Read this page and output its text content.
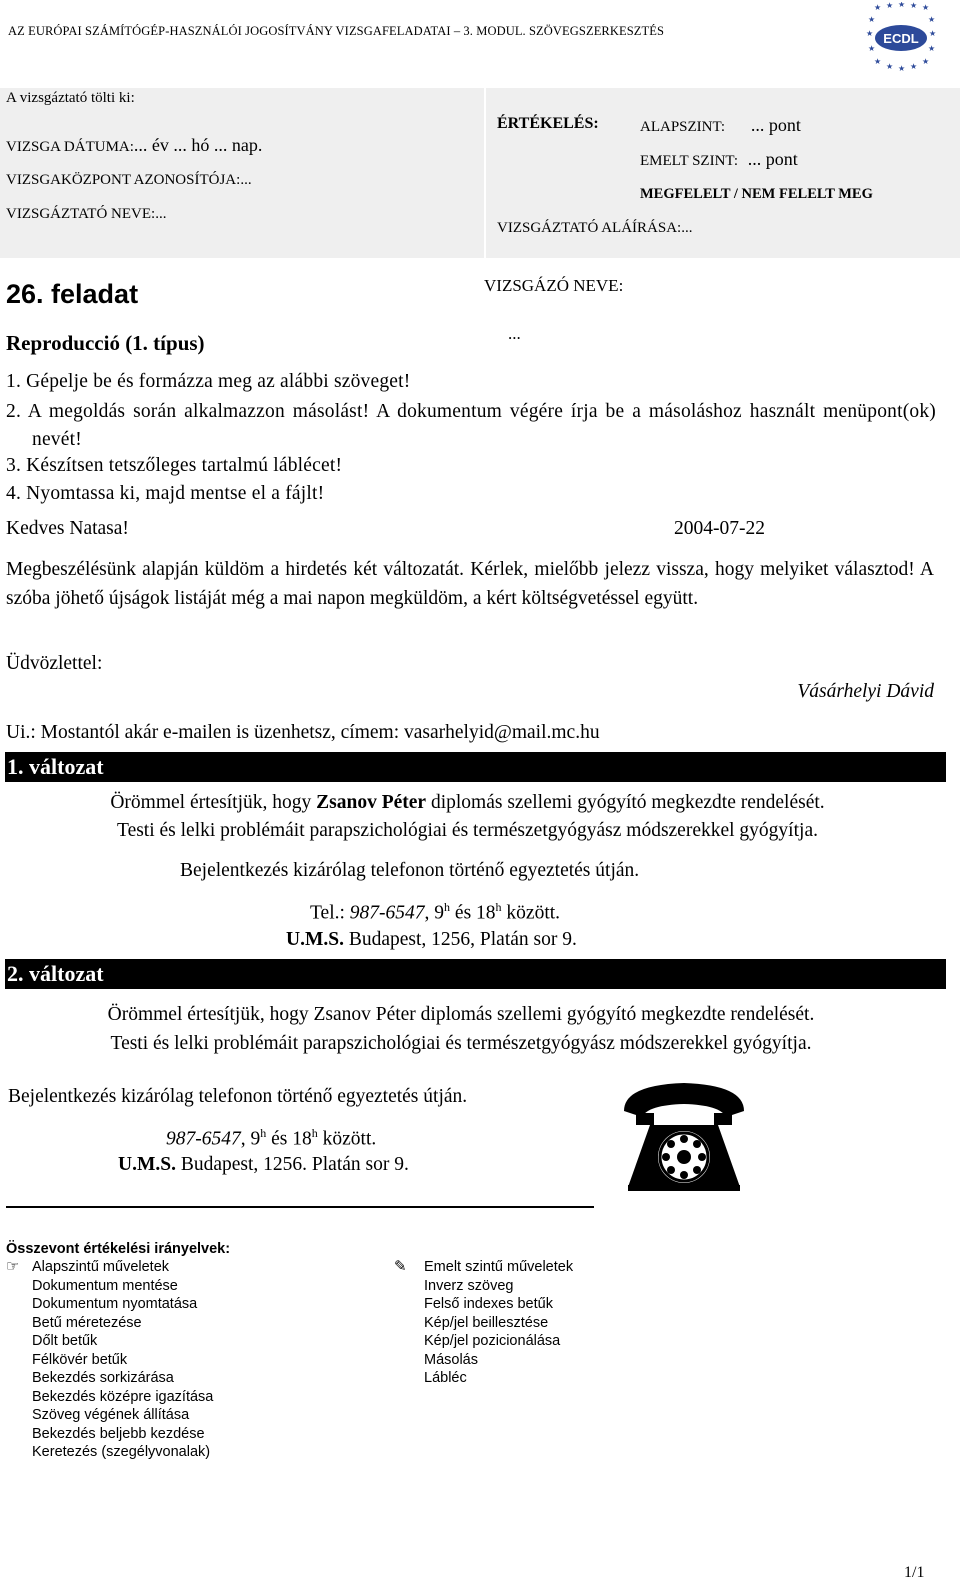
AZ EURÓPAI SZÁMÍTÓGÉP-HASZNÁLÓI JOGOSÍTVÁNY VIZSGAFELADATAI – 3. MODUL. SZÖVEGSZERKESZTÉS
★ ★ ★ ★ ★
★	★
★	★
★	★
★
★ ★ ★
★
ECDL
A vizsgáztató tölti ki:
VIZSGA DÁTUMA:... év ... hó ... nap.
VIZSGAKÖZPONT AZONOSÍTÓJA:...
VIZSGÁZTATÓ NEVE:...
ÉRTÉKELÉS:	ALAPSZINT: ... pont
EMELT SZINT: ... pont
MEGFELELT / NEM FELELT MEG
VIZSGÁZTATÓ ALÁÍRÁSA:...
26. feladat
Reproducció (1. típus)
VIZSGÁZÓ NEVE:
...
1. Gépelje be és formázza meg az alábbi szöveget!
2. A megoldás során alkalmazzon másolást! A dokumentum végére írja be a másoláshoz használt menüpont(ok) nevét!
3. Készítsen tetszőleges tartalmú láblécet!
4. Nyomtassa ki, majd mentse el a fájlt!
Kedves Natasa!	2004-07-22
Megbeszélésünk alapján küldöm a hirdetés két változatát. Kérlek, mielőbb jelezz vissza, hogy melyiket választod! A szóba jöhető újságok listáját még a mai napon megküldöm, a kért költségvetéssel együtt.
Üdvözlettel:
Vásárhelyi Dávid
Ui.: Mostantól akár e-mailen is üzenhetsz, címem: vasarhelyid@mail.mc.hu
1. változat
Örömmel értesítjük, hogy Zsanov Péter diplomás szellemi gyógyító megkezdte rendelését.
Testi és lelki problémáit parapszichológiai és természetgyógyász módszerekkel gyógyítja.
Bejelentkezés kizárólag telefonon történő egyeztetés útján.
Tel.: 987-6547, 9$^h$ és 18$^h$ között.
U.M.S. Budapest, 1256, Platán sor 9.
2. változat
Örömmel értesítjük, hogy Zsanov Péter diplomás szellemi gyógyító megkezdte rendelését.
Testi és lelki problémáit parapszichológiai és természetgyógyász módszerekkel gyógyítja.
Bejelentkezés kizárólag telefonon történő egyeztetés útján.
987-6547, 9$^h$ és 18$^h$ között.
U.M.S. Budapest, 1256. Platán sor 9.
Összevont értékelési irányelvek:
☞ Alapszintű műveletek
Dokumentum mentése
Dokumentum nyomtatása
Betű méretezése
Dőlt betűk
Félkövér betűk
Bekezdés sorkizárása
Bekezdés középre igazítása
Szöveg végének állítása
Bekezdés beljebb kezdése
Keretezés (szegélyvonalak)
✎ Emelt szintű műveletek
Inverz szöveg
Felső indexes betűk
Kép/jel beillesztése
Kép/jel pozicionálása
Másolás
Lábléc
1/1
